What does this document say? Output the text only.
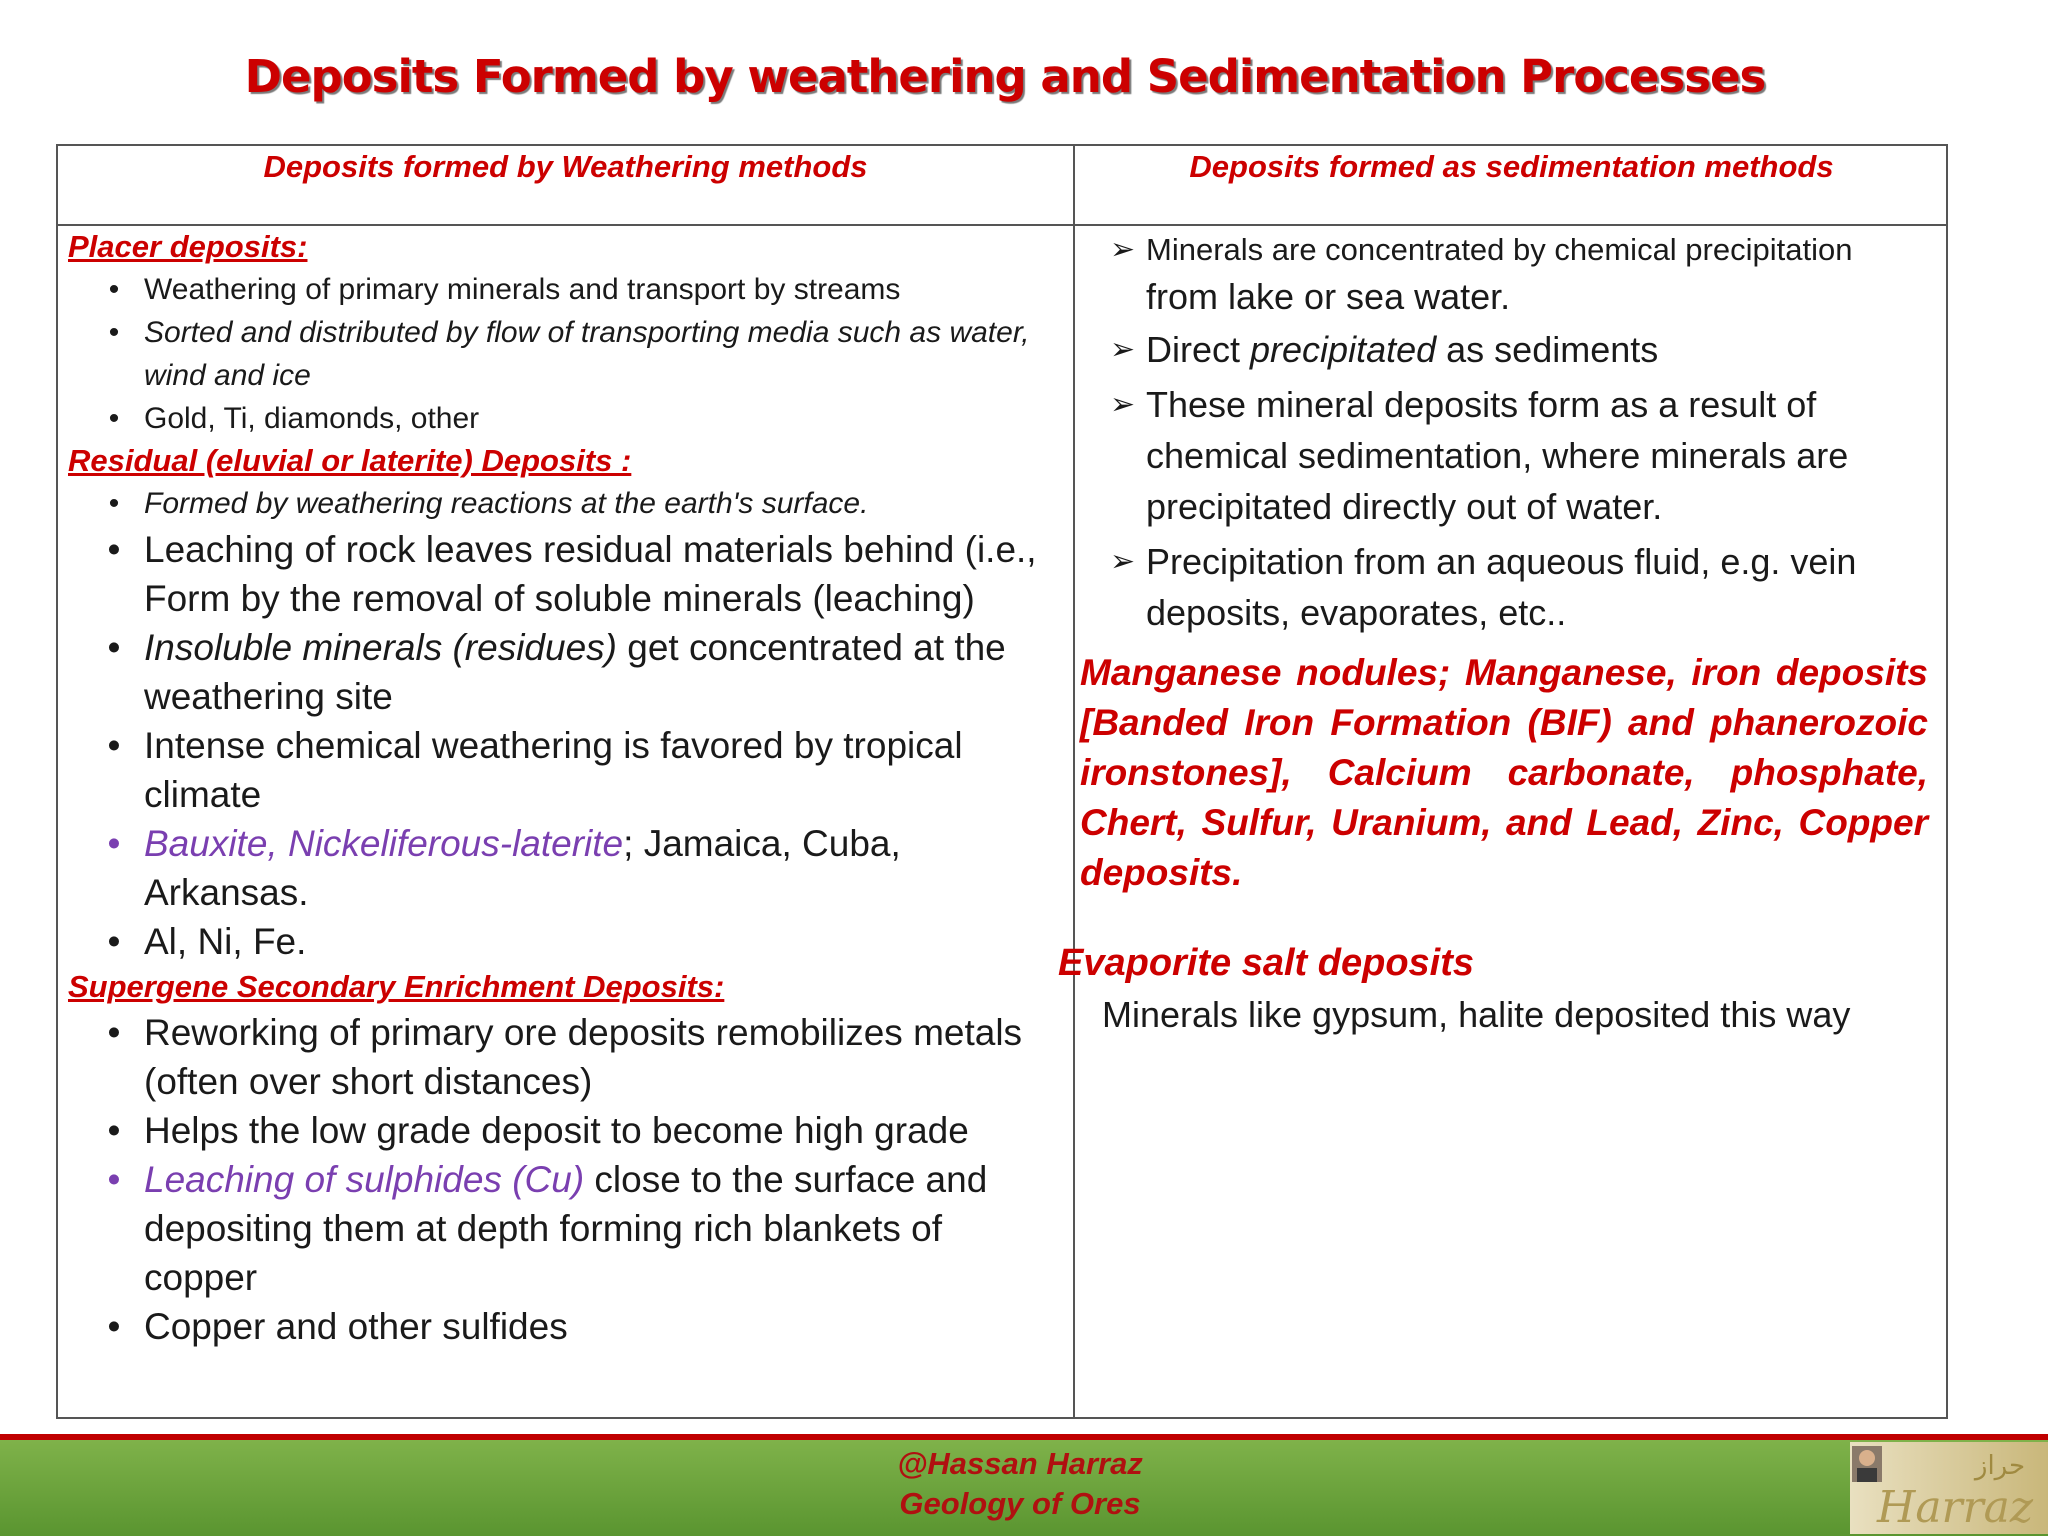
Deposits Formed by weathering and Sedimentation Processes
Deposits formed by Weathering methods	Deposits formed as sedimentation methods

Placer deposits:

• Weathering of primary minerals and transport by streams
• Sorted and distributed by flow of transporting media such as water, wind and ice
• Gold, Ti, diamonds, other

Residual (eluvial or laterite) Deposits :

• Formed by weathering reactions at the earth's surface.
• Leaching of rock leaves residual materials behind (i.e., Form by the removal of soluble minerals (leaching)
• Insoluble minerals (residues) get concentrated at the weathering site
• Intense chemical weathering is favored by tropical climate
• Bauxite, Nickeliferous-laterite; Jamaica, Cuba, Arkansas.
• Al, Ni, Fe.

Supergene Secondary Enrichment Deposits:

• Reworking of primary ore deposits remobilizes metals (often over short distances)
• Helps the low grade deposit to become high grade
• Leaching of sulphides (Cu) close to the surface and depositing them at depth forming rich blankets of copper
• Copper and other sulfides
➢ Minerals are concentrated by chemical precipitation
from lake or sea water.
➢ Direct precipitated as sediments
➢ These mineral deposits form as a result of chemical sedimentation, where minerals are precipitated directly out of water.
➢ Precipitation from an aqueous fluid, e.g. vein deposits, evaporates, etc..

Manganese nodules; Manganese, iron deposits [Banded Iron Formation (BIF) and phanerozoic ironstones], Calcium carbonate, phosphate, Chert, Sulfur, Uranium, and Lead, Zinc, Copper deposits.

Evaporite salt deposits

Minerals like gypsum, halite deposited this way

@Hassan Harraz
Geology of Ores
حراز
Harraz
